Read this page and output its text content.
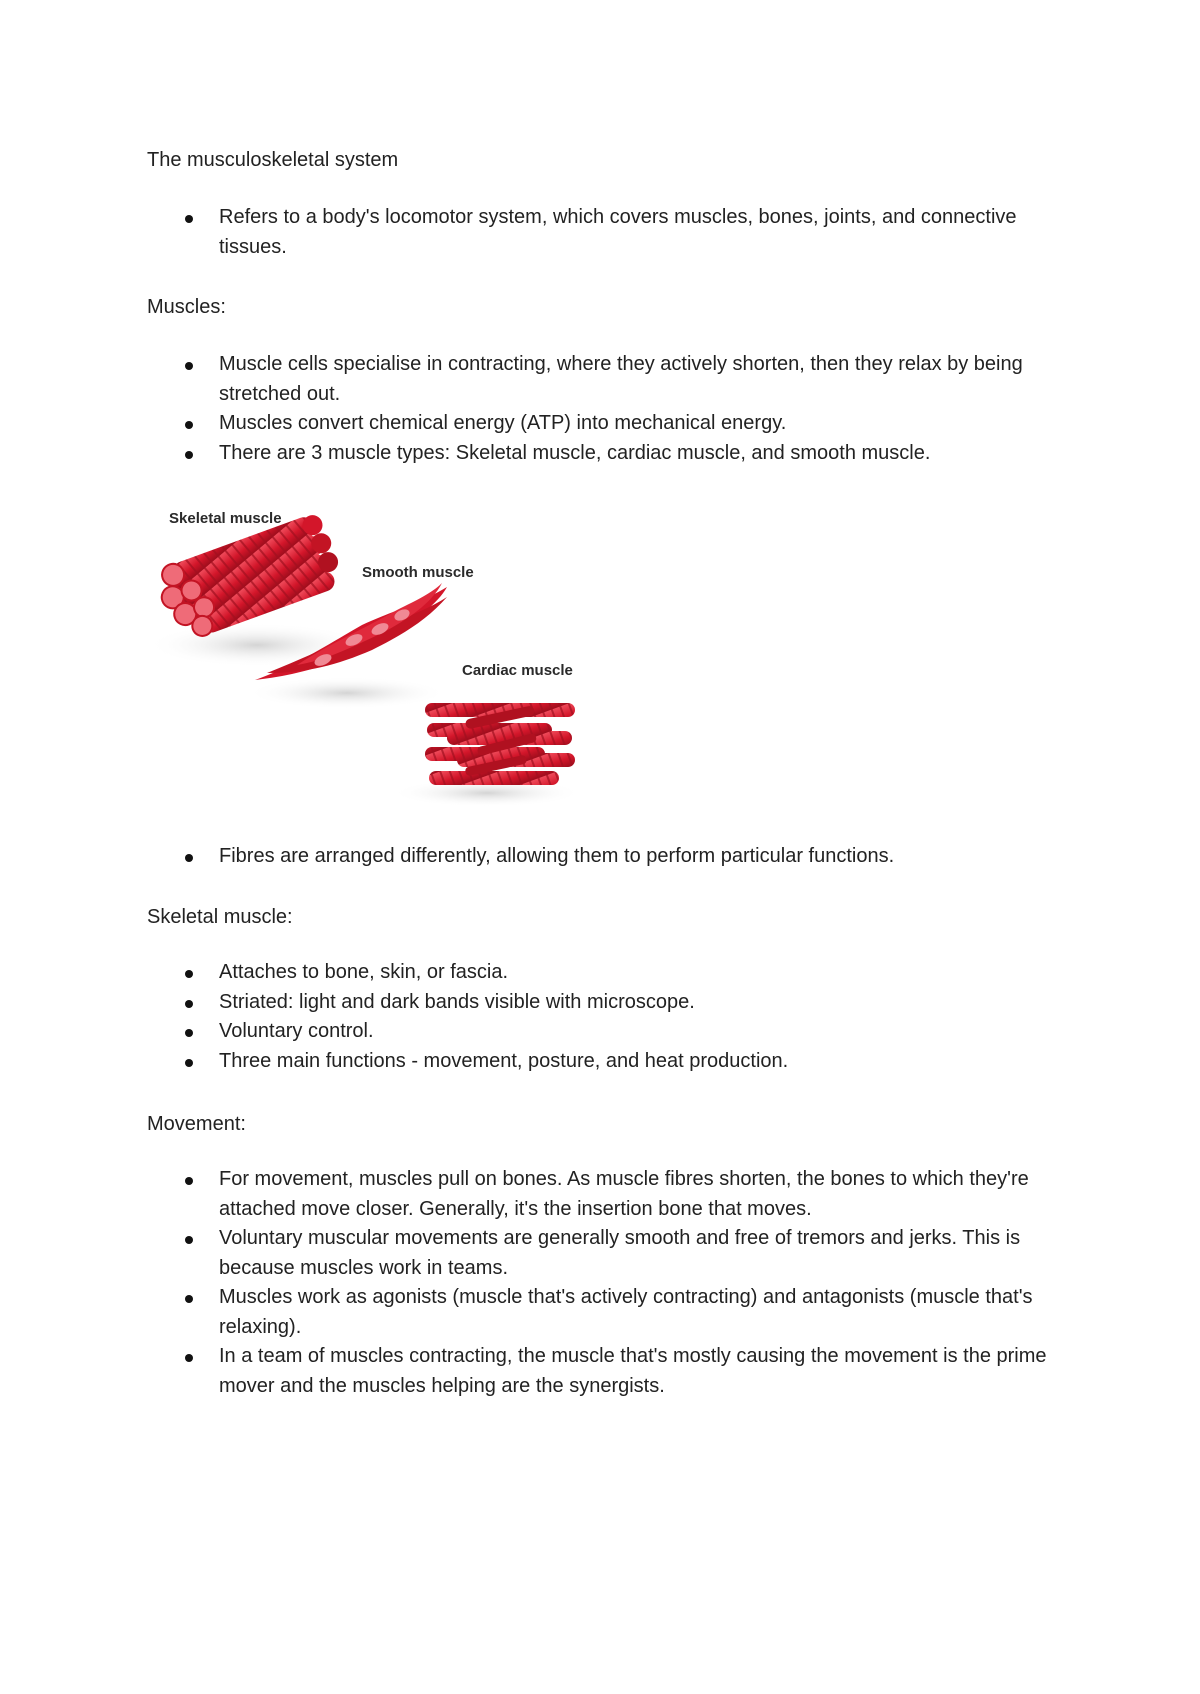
The musculoskeletal system
Refers to a body's locomotor system, which covers muscles, bones, joints, and connective tissues.
Muscles:
Muscle cells specialise in contracting, where they actively shorten, then they relax by being stretched out.
Muscles convert chemical energy (ATP) into mechanical energy.
There are 3 muscle types: Skeletal muscle, cardiac muscle, and smooth muscle.
Skeletal muscle
Smooth muscle
Cardiac muscle
Fibres are arranged differently, allowing them to perform particular functions.
Skeletal muscle:
Attaches to bone, skin, or fascia.
Striated: light and dark bands visible with microscope.
Voluntary control.
Three main functions - movement, posture, and heat production.
Movement:
For movement, muscles pull on bones. As muscle fibres shorten, the bones to which they're attached move closer. Generally, it's the insertion bone that moves.
Voluntary muscular movements are generally smooth and free of tremors and jerks. This is because muscles work in teams.
Muscles work as agonists (muscle that's actively contracting) and antagonists (muscle that's relaxing).
In a team of muscles contracting, the muscle that's mostly causing the movement is the prime mover and the muscles helping are the synergists.
